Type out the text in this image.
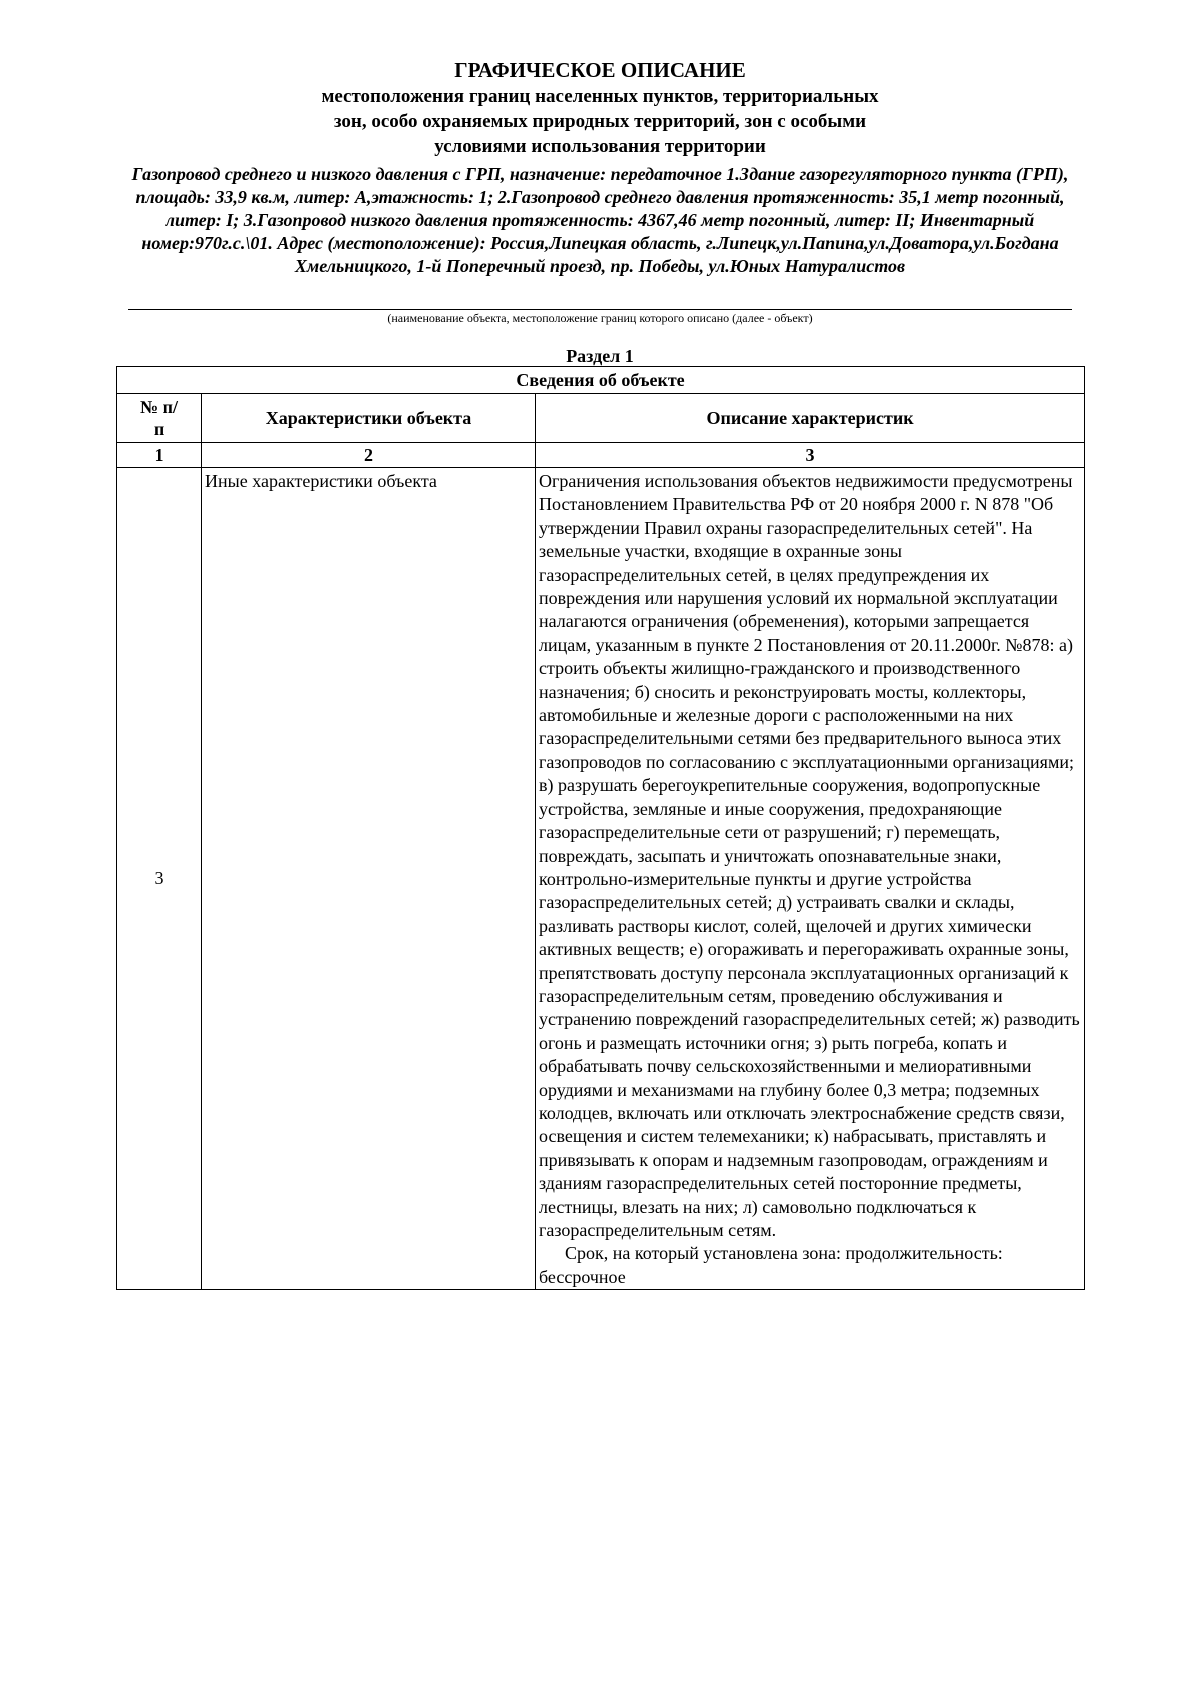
ГРАФИЧЕСКОЕ ОПИСАНИЕ

местоположения границ населенных пунктов, территориальных

зон, особо охраняемых природных территорий, зон с особыми

условиями использования территории

Газопровод среднего и низкого давления с ГРП, назначение: передаточное 1.Здание газорегуляторного пункта (ГРП), площадь: 33,9 кв.м, литер: А,этажность: 1; 2.Газопровод среднего давления протяженность: 35,1 метр погонный, литер: I; 3.Газопровод низкого давления протяженность: 4367,46 метр погонный, литер: II; Инвентарный номер:970г.с.\01. Адрес (местоположение): Россия,Липецкая область, г.Липецк,ул.Папина,ул.Доватора,ул.Богдана Хмельницкого, 1-й Поперечный проезд, пр. Победы, ул.Юных Натуралистов

(наименование объекта, местоположение границ которого описано (далее - объект)
Раздел 1
Сведения об объекте		
№ п/п	Характеристики объекта	Описание характеристик
1	2	3
3	Иные характеристики объекта	Ограничения использования объектов недвижимости предусмотрены Постановлением Правительства РФ от 20 ноября 2000 г. N 878 "Об утверждении Правил охраны газораспределительных сетей". На земельные участки, входящие в охранные зоны газораспределительных сетей, в целях предупреждения их повреждения или нарушения условий их нормальной эксплуатации налагаются ограничения (обременения), которыми запрещается лицам, указанным в пункте 2 Постановления от 20.11.2000г. №878: а) строить объекты жилищно-гражданского и производственного назначения; б) сносить и реконструировать мосты, коллекторы, автомобильные и железные дороги с расположенными на них газораспределительными сетями без предварительного выноса этих газопроводов по согласованию с эксплуатационными организациями; в) разрушать берегоукрепительные сооружения, водопропускные устройства, земляные и иные сооружения, предохраняющие газораспределительные сети от разрушений; г) перемещать, повреждать, засыпать и уничтожать опознавательные знаки, контрольно-измерительные пункты и другие устройства газораспределительных сетей; д) устраивать свалки и склады, разливать растворы кислот, солей, щелочей и других химически активных веществ; е) огораживать и перегораживать охранные зоны, препятствовать доступу персонала эксплуатационных организаций к газораспределительным сетям, проведению обслуживания и устранению повреждений газораспределительных сетей; ж) разводить огонь и размещать источники огня; з) рыть погреба, копать и обрабатывать почву сельскохозяйственными и мелиоративными орудиями и механизмами на глубину более 0,3 метра; подземных колодцев, включать или отключать электроснабжение средств связи, освещения и систем телемеханики; к) набрасывать, приставлять и привязывать к опорам и надземным газопроводам, ограждениям и зданиям газораспределительных сетей посторонние предметы, лестницы, влезать на них; л) самовольно подключаться к газораспределительным сетям.

Срок, на который установлена зона: продолжительность: бессрочное
